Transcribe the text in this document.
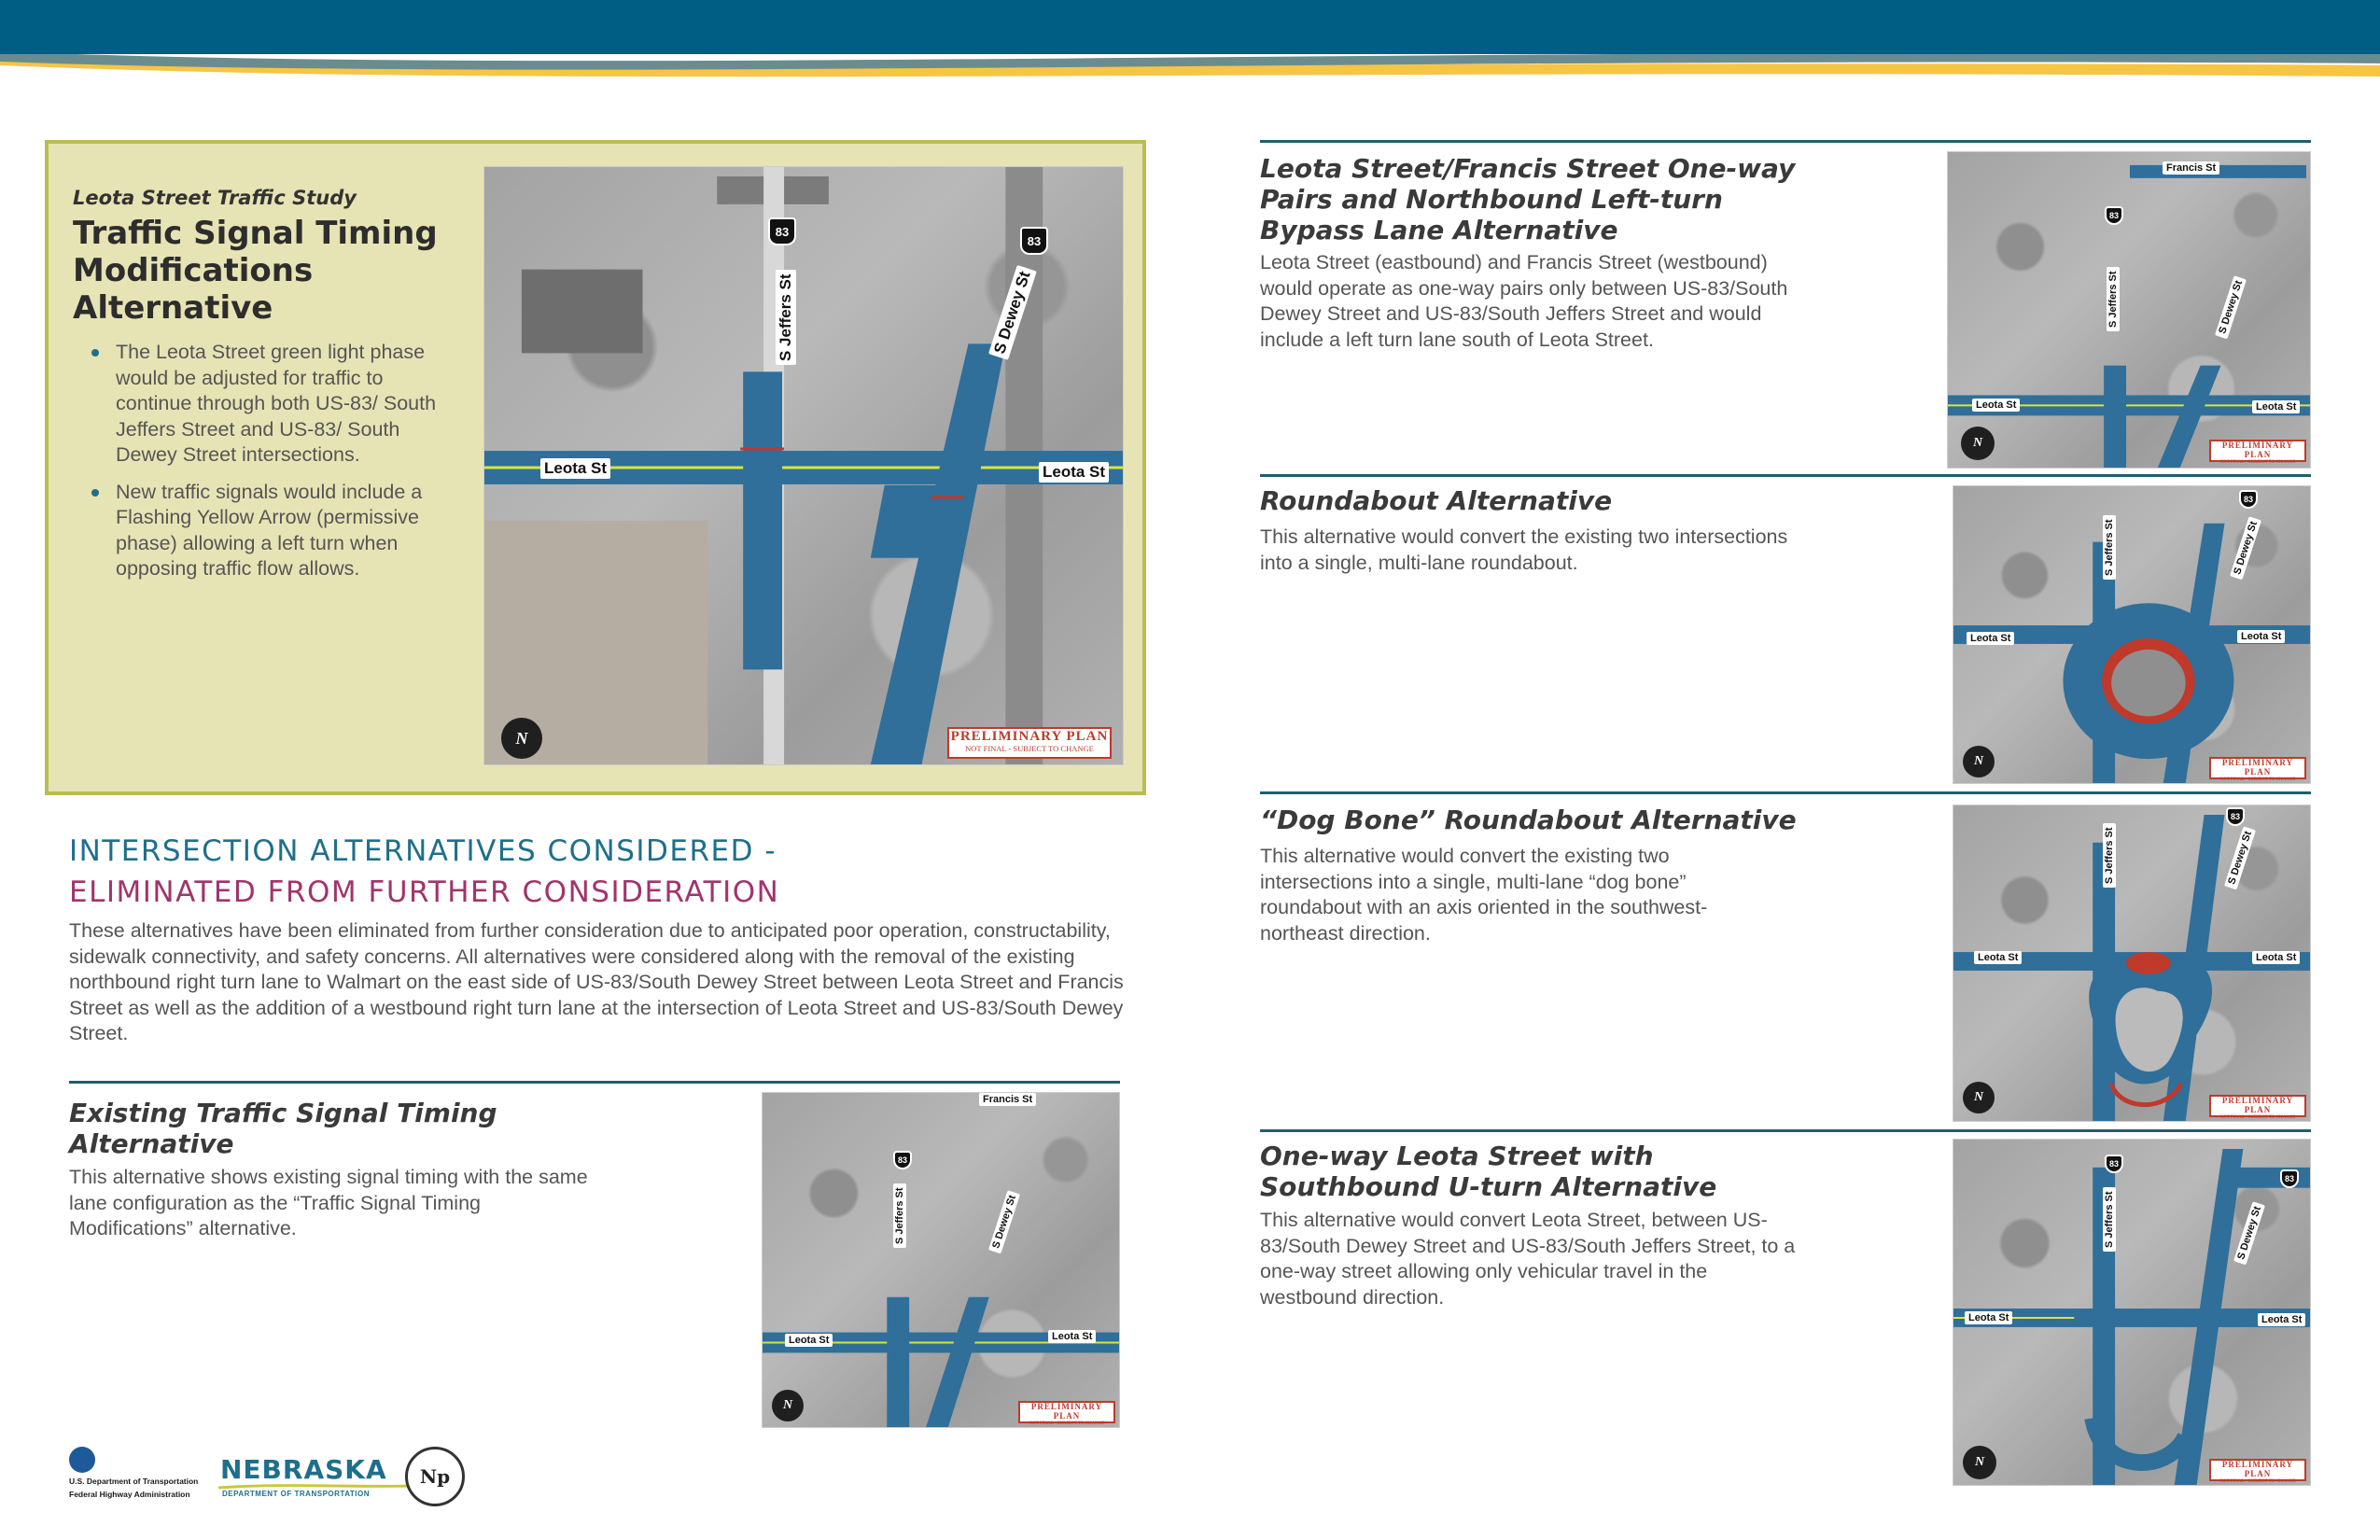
Leota Street Traffic Study
Traffic Signal Timing Modifications Alternative
The Leota Street green light phase would be adjusted for traffic to continue through both US-83/ South Jeffers Street and US-83/ South Dewey Street intersections.
New traffic signals would include a Flashing Yellow Arrow (permissive phase) allowing a left turn when opposing traffic flow allows.
Leota St	Leota St
S Jeffers St	S Dewey St
83
83
N	PRELIMINARY PLAN
NOT FINAL - SUBJECT TO CHANGE
INTERSECTION ALTERNATIVES CONSIDERED -
ELIMINATED FROM FURTHER CONSIDERATION
These alternatives have been eliminated from further consideration due to anticipated poor operation, constructability, sidewalk connectivity, and safety concerns. All alternatives were considered along with the removal of the existing northbound right turn lane to Walmart on the east side of US-83/South Dewey Street between Leota Street and Francis Street as well as the addition of a westbound right turn lane at the intersection of Leota Street and US-83/South Dewey Street.
Existing Traffic Signal Timing Alternative
This alternative shows existing signal timing with the same lane configuration as the “Traffic Signal Timing Modifications” alternative.
Francis St
Leota St	Leota St
S Jeffers St	S Dewey St
83
N	PRELIMINARY PLAN
NOT FINAL - SUBJECT TO CHANGE
Leota Street/Francis Street One-way Pairs and Northbound Left-turn Bypass Lane Alternative
Leota Street (eastbound) and Francis Street (westbound) would operate as one-way pairs only between US-83/South Dewey Street and US-83/South Jeffers Street and would include a left turn lane south of Leota Street.
Francis St
Leota St	Leota St
S Jeffers St	S Dewey St
83
N	PRELIMINARY PLAN
NOT FINAL - SUBJECT TO CHANGE
Roundabout Alternative
This alternative would convert the existing two intersections into a single, multi-lane roundabout.
Leota St	Leota St
S Jeffers St	S Dewey St
83
N	PRELIMINARY PLAN
NOT FINAL - SUBJECT TO CHANGE
“Dog Bone” Roundabout Alternative
This alternative would convert the existing two intersections into a single, multi-lane “dog bone” roundabout with an axis oriented in the southwest-northeast direction.
Leota St	Leota St
S Jeffers St	S Dewey St
83
N	PRELIMINARY PLAN
NOT FINAL - SUBJECT TO CHANGE
One-way Leota Street with Southbound U-turn Alternative
This alternative would convert Leota Street, between US-83/South Dewey Street and US-83/South Jeffers Street, to a one-way street allowing only vehicular travel in the westbound direction.
Leota St	Leota St
S Jeffers St	S Dewey St
83
83
N	PRELIMINARY PLAN
NOT FINAL - SUBJECT TO CHANGE
U.S. Department of Transportation
Federal Highway Administration
NEBRASKA
DEPARTMENT OF TRANSPORTATION
Np
